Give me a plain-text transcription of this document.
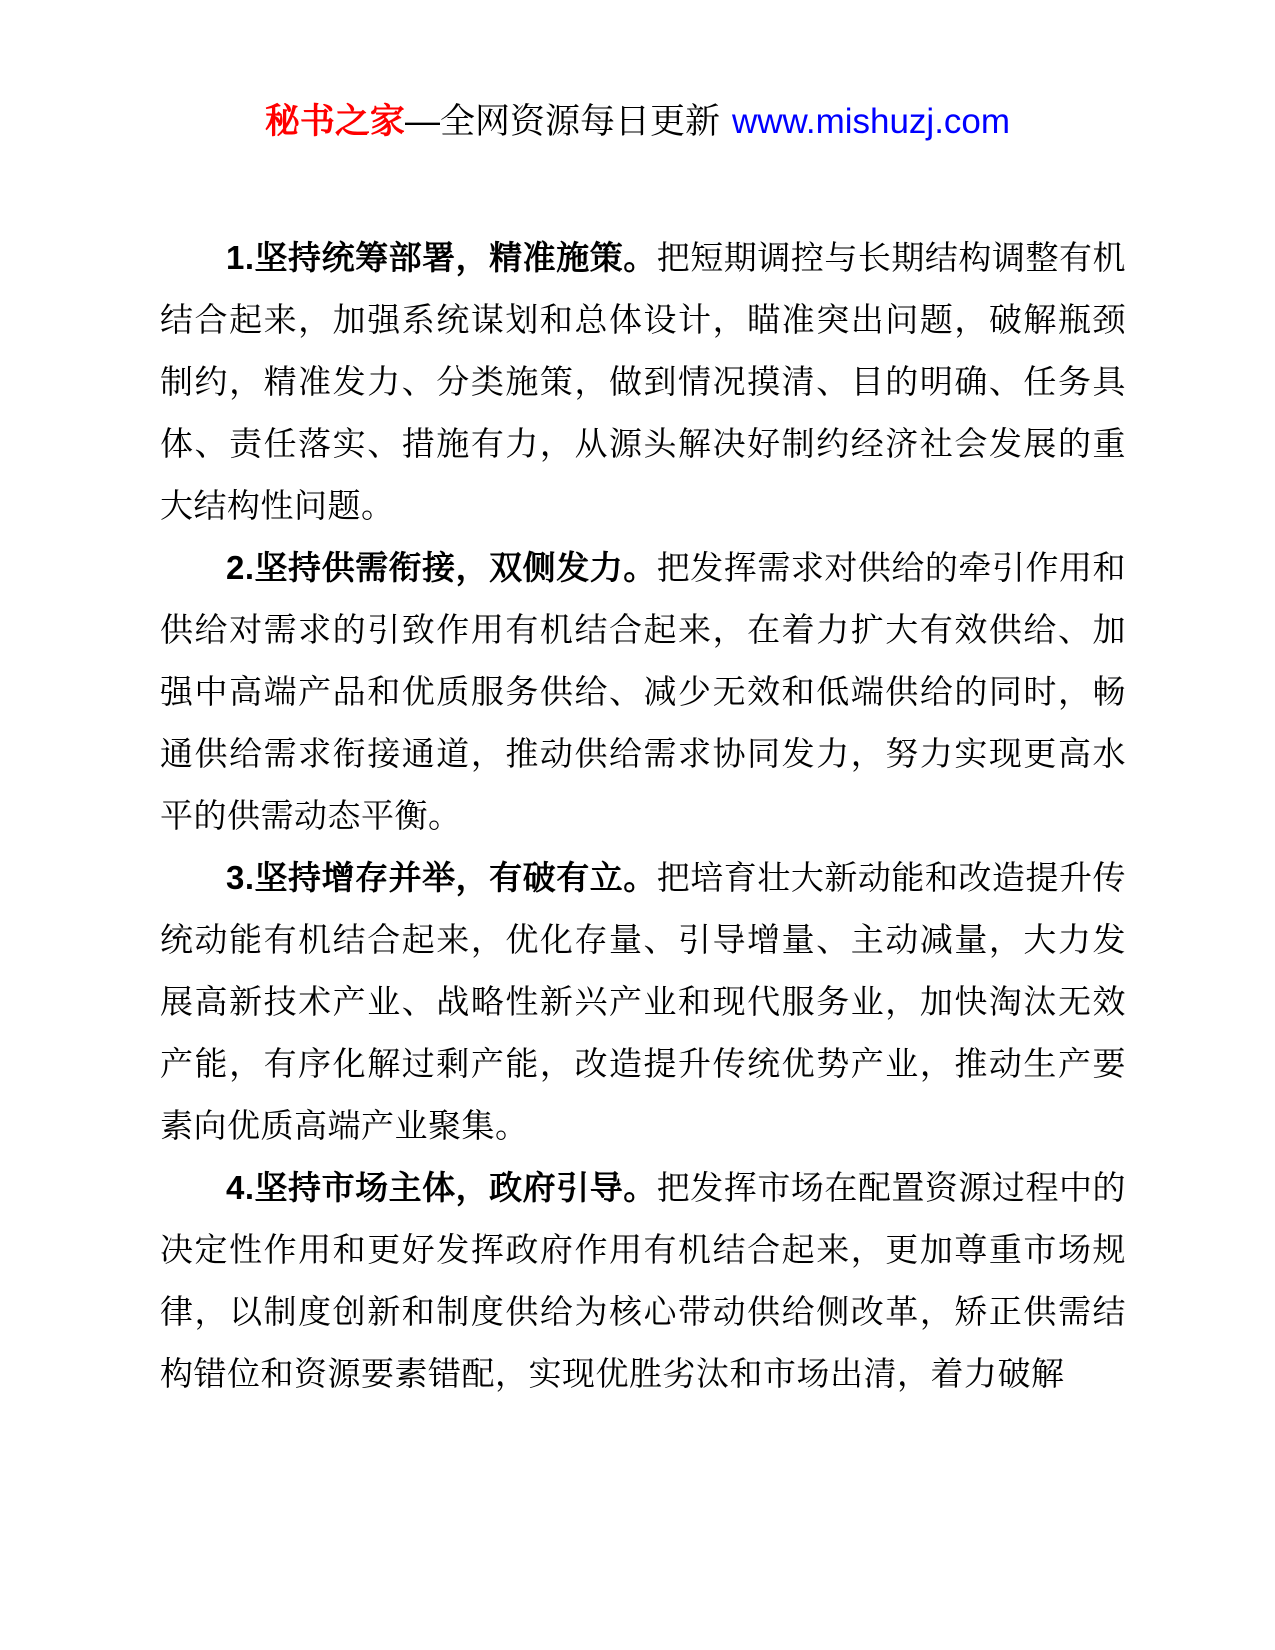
秘书之家—全网资源每日更新 www.mishuzj.com

1.坚持统筹部署，精准施策。把短期调控与长期结构调整有机结合起来，加强系统谋划和总体设计，瞄准突出问题，破解瓶颈制约，精准发力、分类施策，做到情况摸清、目的明确、任务具体、责任落实、措施有力，从源头解决好制约经济社会发展的重大结构性问题。

2.坚持供需衔接，双侧发力。把发挥需求对供给的牵引作用和供给对需求的引致作用有机结合起来，在着力扩大有效供给、加强中高端产品和优质服务供给、减少无效和低端供给的同时，畅通供给需求衔接通道，推动供给需求协同发力，努力实现更高水平的供需动态平衡。

3.坚持增存并举，有破有立。把培育壮大新动能和改造提升传统动能有机结合起来，优化存量、引导增量、主动减量，大力发展高新技术产业、战略性新兴产业和现代服务业，加快淘汰无效产能，有序化解过剩产能，改造提升传统优势产业，推动生产要素向优质高端产业聚集。

4.坚持市场主体，政府引导。把发挥市场在配置资源过程中的决定性作用和更好发挥政府作用有机结合起来，更加尊重市场规律，以制度创新和制度供给为核心带动供给侧改革，矫正供需结构错位和资源要素错配，实现优胜劣汰和市场出清，着力破解
